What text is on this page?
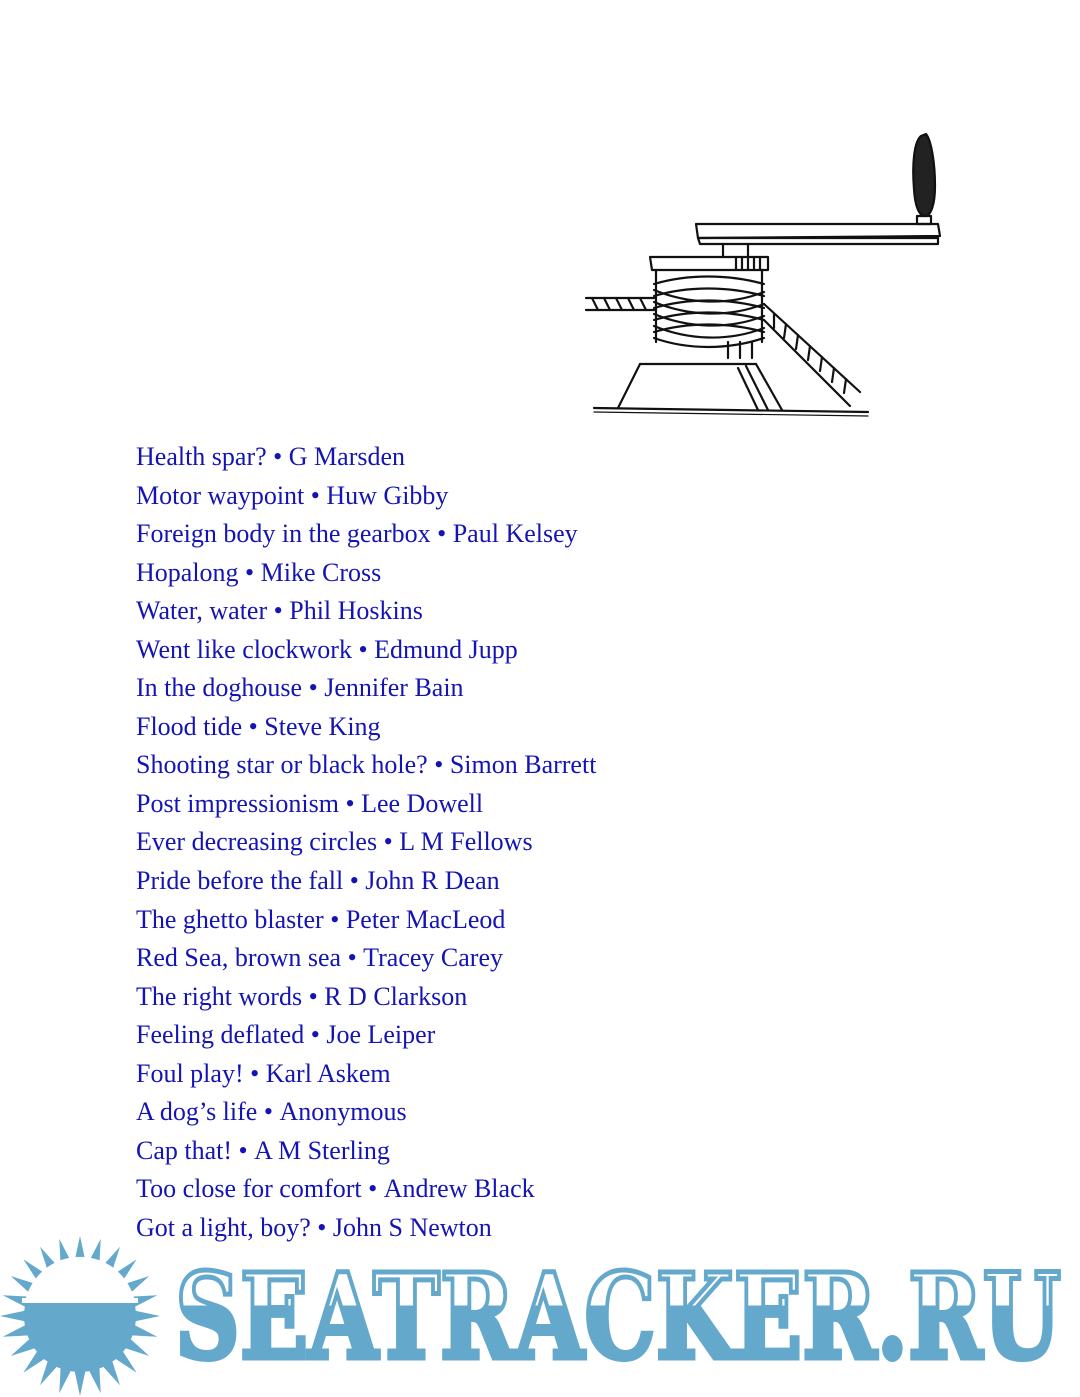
Health spar? • G Marsden
Motor waypoint • Huw Gibby
Foreign body in the gearbox • Paul Kelsey
Hopalong • Mike Cross
Water, water • Phil Hoskins
Went like clockwork • Edmund Jupp
In the doghouse • Jennifer Bain
Flood tide • Steve King
Shooting star or black hole? • Simon Barrett
Post impressionism • Lee Dowell
Ever decreasing circles • L M Fellows
Pride before the fall • John R Dean
The ghetto blaster • Peter MacLeod
Red Sea, brown sea • Tracey Carey
The right words • R D Clarkson
Feeling deflated • Joe Leiper
Foul play! • Karl Askem
A dog’s life • Anonymous
Cap that! • A M Sterling
Too close for comfort • Andrew Black
Got a light, boy? • John S Newton
SEATRACKER.RU
